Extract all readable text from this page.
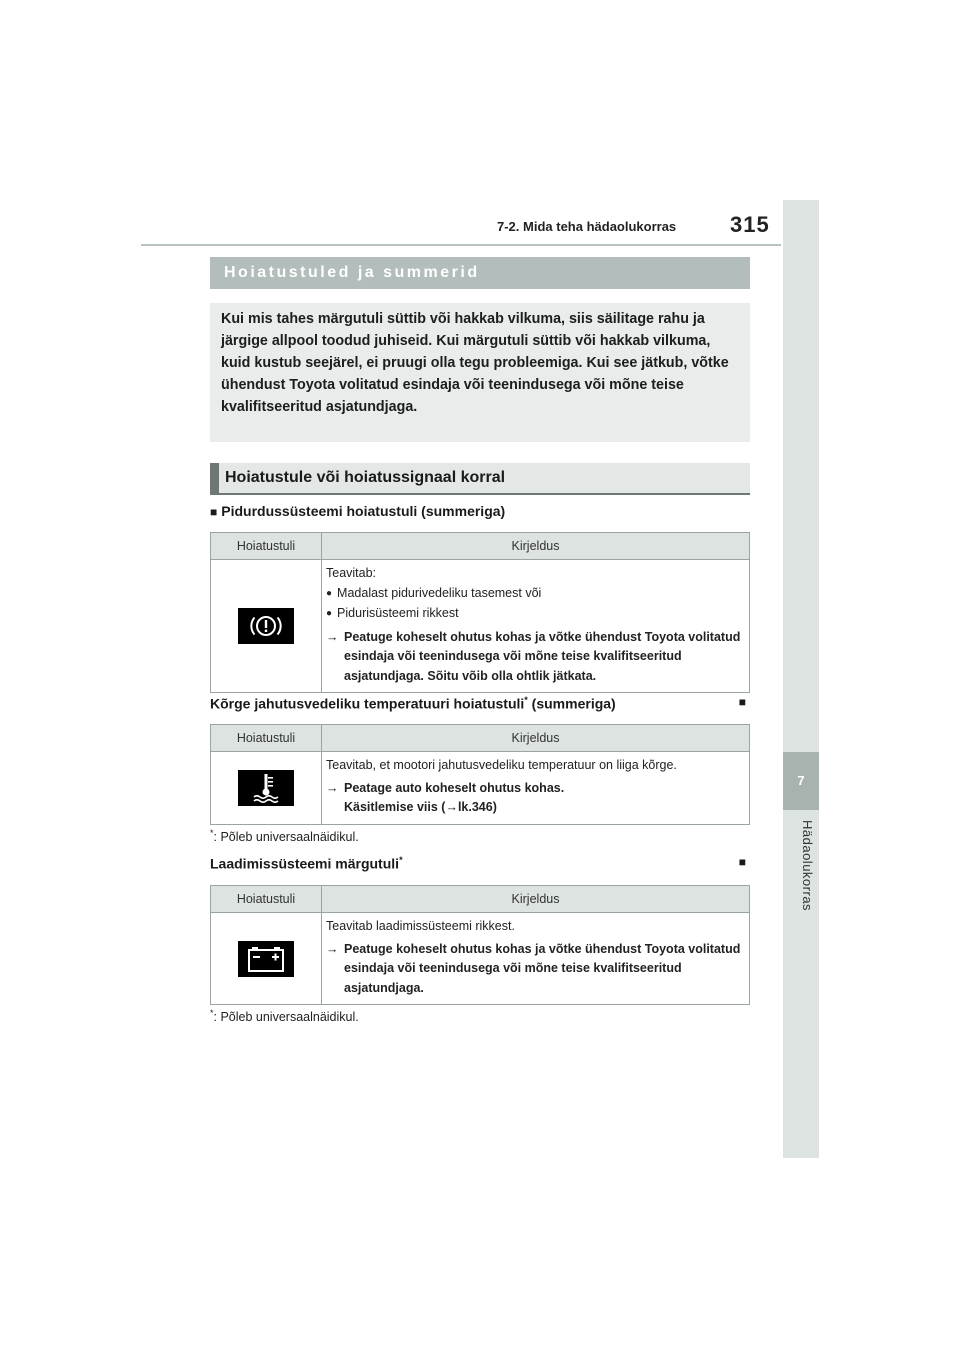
7-2. Mida teha hädaolukorras 315
7
Hädaolukorras
Hoiatustuled ja summerid
Kui mis tahes märgutuli süttib või hakkab vilkuma, siis säilitage rahu ja järgige allpool toodud juhiseid. Kui märgutuli süttib või hakkab vilkuma, kuid kustub seejärel, ei pruugi olla tegu probleemiga. Kui see jätkub, võtke ühendust Toyota volitatud esindaja või teenindusega või mõne teise kvalifitseeritud asjatundjaga.
Hoiatustule või hoiatussignaal korral
■ Pidurdussüsteemi hoiatustuli (summeriga)
Hoiatustuli	Kirjeldus

	Teavitab:

● Madalast pidurivedeliku tasemest või
● Pidurisüsteemi rikkest
→ Peatuge koheselt ohutus kohas ja võtke ühendust Toyota volitatud esindaja või teenindusega või mõne teise kvalifitseeritud asjatundjaga. Sõitu võib olla ohtlik jätkata.
Kõrge jahutusvedeliku temperatuuri hoiatustuli* (summeriga)	■
Hoiatustuli	Kirjeldus

	Teavitab, et mootori jahutusvedeliku temperatuur on liiga kõrge.
→ Peatage auto koheselt ohutus kohas.
Käsitlemise viis (→lk.346)
*: Põleb universaalnäidikul.
Laadimissüsteemi märgutuli*	■
Hoiatustuli	Kirjeldus

	Teavitab laadimissüsteemi rikkest.
→ Peatuge koheselt ohutus kohas ja võtke ühendust Toyota volitatud esindaja või teenindusega või mõne teise kvalifitseeritud asjatundjaga.
*: Põleb universaalnäidikul.
